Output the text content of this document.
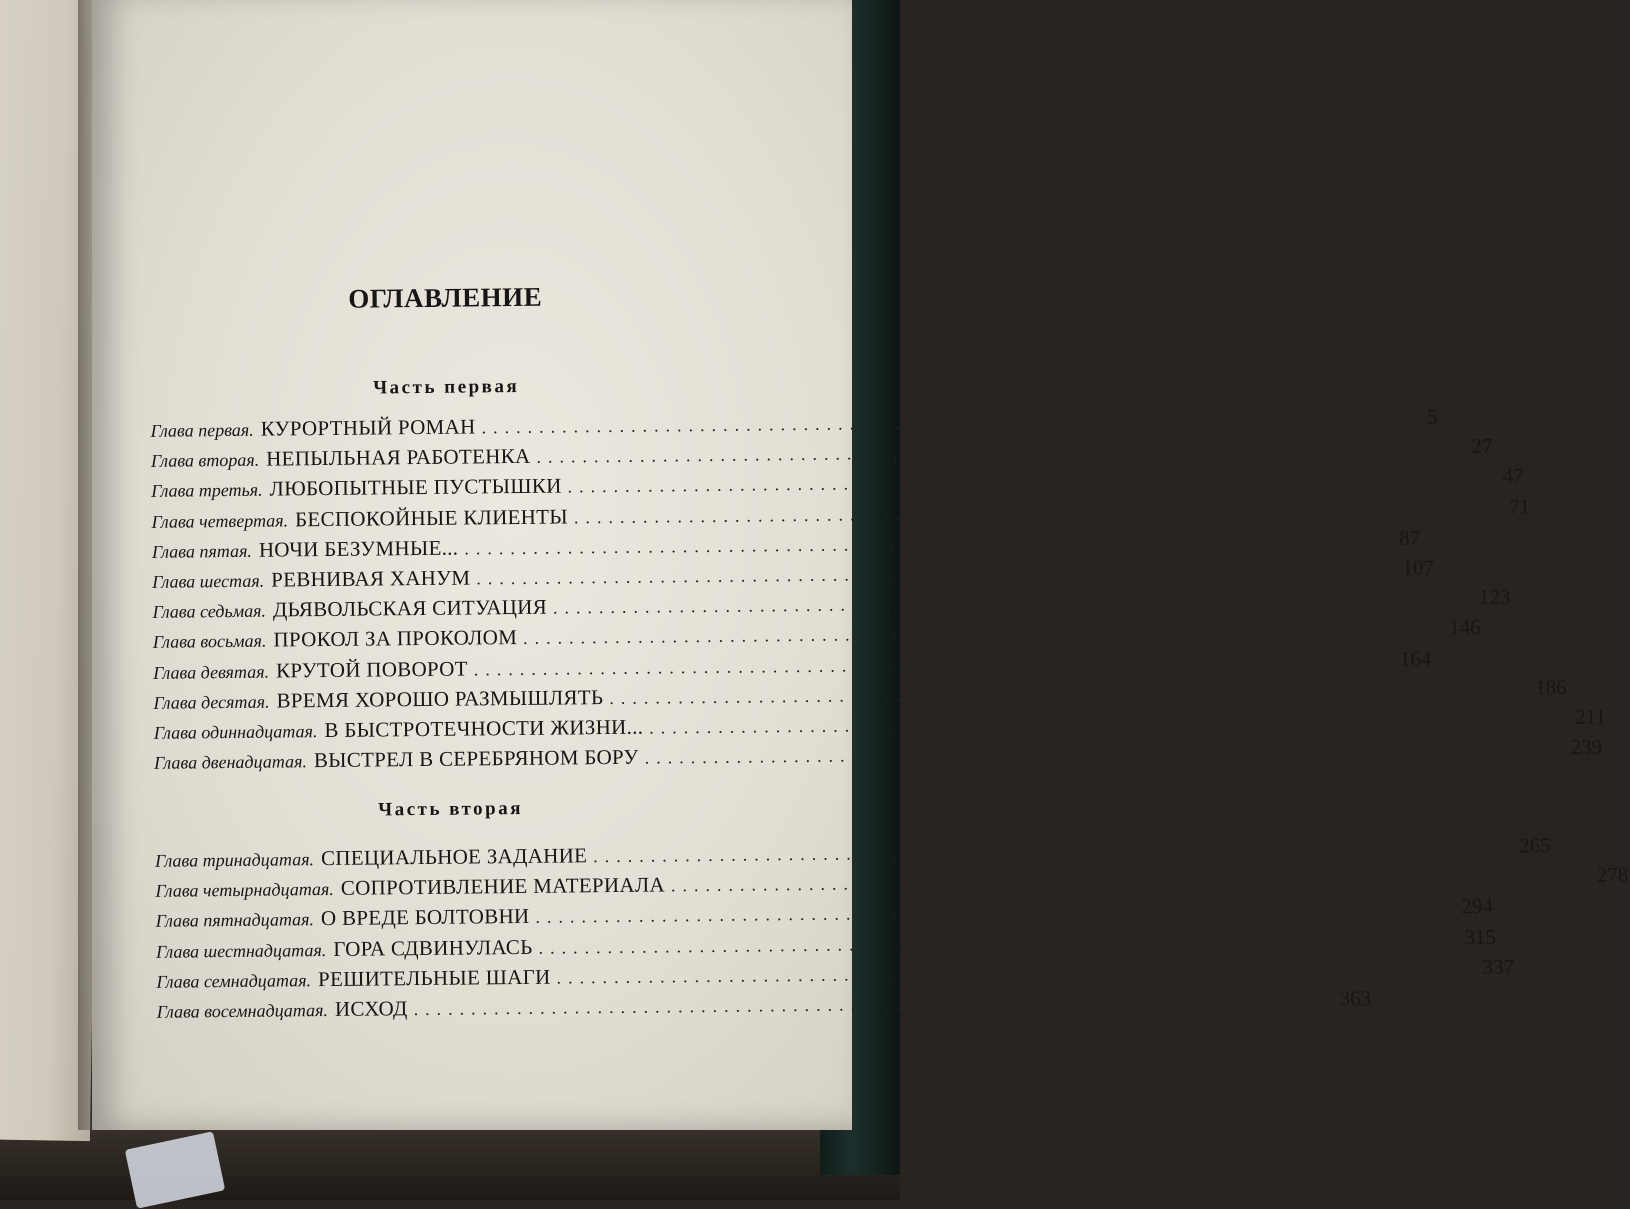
ОГЛАВЛЕНИЕ
Часть первая
Глава первая. КУРОРТНЫЙ РОМАН ................................................................................	5
Глава вторая. НЕПЫЛЬНАЯ РАБОТЕНКА ................................................................................ 27
Глава третья. ЛЮБОПЫТНЫЕ ПУСТЫШКИ ................................................................................ 47
Глава четвертая. БЕСПОКОЙНЫЕ КЛИЕНТЫ ................................................................................ 71
Глава пятая. НОЧИ БЕЗУМНЫЕ... ................................................................................ 87
Глава шестая. РЕВНИВАЯ ХАНУМ ................................................................................ 107
Глава седьмая. ДЬЯВОЛЬСКАЯ СИТУАЦИЯ ................................................................................ 123
Глава восьмая. ПРОКОЛ ЗА ПРОКОЛОМ ................................................................................ 146
Глава девятая. КРУТОЙ ПОВОРОТ ................................................................................ 164
Глава десятая. ВРЕМЯ ХОРОШО РАЗМЫШЛЯТЬ ................................................................................ 186
Глава одиннадцатая. В БЫСТРОТЕЧНОСТИ ЖИЗНИ... ................................................................................ 211
Глава двенадцатая. ВЫСТРЕЛ В СЕРЕБРЯНОМ БОРУ ................................................................................ 239
Часть вторая
Глава тринадцатая. СПЕЦИАЛЬНОЕ ЗАДАНИЕ ................................................................................ 265
Глава четырнадцатая. СОПРОТИВЛЕНИЕ МАТЕРИАЛА ................................................................................ 278
Глава пятнадцатая. О ВРЕДЕ БОЛТОВНИ ................................................................................ 294
Глава шестнадцатая. ГОРА СДВИНУЛАСЬ ................................................................................ 315
Глава семнадцатая. РЕШИТЕЛЬНЫЕ ШАГИ ................................................................................ 337
Глава восемнадцатая. ИСХОД ................................................................................ 363
